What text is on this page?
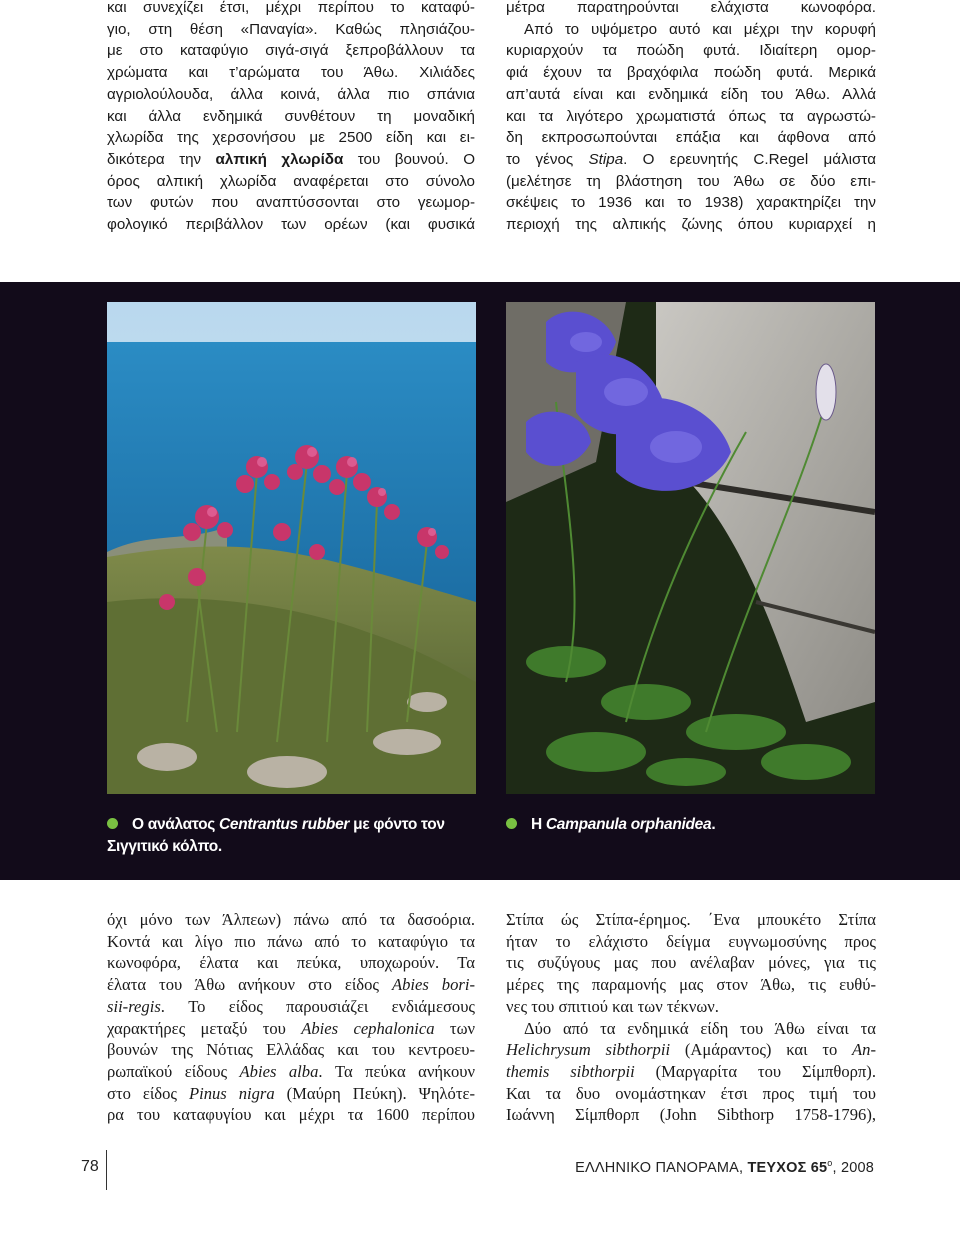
και συνεχίζει έτσι, μέχρι περίπου το καταφύ-
γιο, στη θέση «Παναγία». Καθώς πλησιάζου-
με στο καταφύγιο σιγά-σιγά ξεπροβάλλουν τα
χρώματα και τ’αρώματα του Άθω. Χιλιάδες
αγριολούλουδα, άλλα κοινά, άλλα πιο σπάνια
και άλλα ενδημικά συνθέτουν τη μοναδική
χλωρίδα της χερσονήσου με 2500 είδη και ει-
δικότερα την αλπική χλωρίδα του βουνού. Ο
όρος αλπική χλωρίδα αναφέρεται στο σύνολο
των φυτών που αναπτύσσονται στο γεωμορ-
φολογικό περιβάλλον των ορέων (και φυσικά
μέτρα παρατηρούνται ελάχιστα κωνοφόρα.
Από το υψόμετρο αυτό και μέχρι την κορυφή
κυριαρχούν τα ποώδη φυτά. Ιδιαίτερη ομορ-
φιά έχουν τα βραχόφιλα ποώδη φυτά. Μερικά
απ’αυτά είναι και ενδημικά είδη του Άθω. Αλλά
και τα λιγότερο χρωματιστά όπως τα αγρωστώ-
δη εκπροσωπούνται επάξια και άφθονα από
το γένος Stipa. Ο ερευνητής C.Regel μάλιστα
(μελέτησε τη βλάστηση του Άθω σε δύο επι-
σκέψεις το 1936 και το 1938) χαρακτηρίζει την
περιοχή της αλπικής ζώνης όπου κυριαρχεί η
Ο ανάλατος Centrantus rubber με φόντο τον
Σιγγιτικό κόλπο.
Η Campanula orphanidea.
όχι μόνο των Άλπεων) πάνω από τα δασοόρια.
Κοντά και λίγο πιο πάνω από το καταφύγιο τα
κωνοφόρα, έλατα και πεύκα, υποχωρούν. Τα
έλατα του Άθω ανήκουν στο είδος Abies bori-
sii-regis. Το είδος παρουσιάζει ενδιάμεσους
χαρακτήρες μεταξύ του Abies cephalonica των
βουνών της Νότιας Ελλάδας και του κεντροευ-
ρωπαϊκού είδους Abies alba. Τα πεύκα ανήκουν
στο είδος Pinus nigra (Μαύρη Πεύκη). Ψηλότε-
ρα του καταφυγίου και μέχρι τα 1600 περίπου
Στίπα ώς Στίπα-έρημος. ΄Ενα μπουκέτο Στίπα
ήταν το ελάχιστο δείγμα ευγνωμοσύνης προς
τις συζύγους μας που ανέλαβαν μόνες, για τις
μέρες της παραμονής μας στον Άθω, τις ευθύ-
νες του σπιτιού και των τέκνων.
Δύο από τα ενδημικά είδη του Άθω είναι τα
Helichrysum sibthorpii (Αμάραντος) και το An-
themis sibthorpii (Μαργαρίτα του Σίμπθορπ).
Και τα δυο ονομάστηκαν έτσι προς τιμή του
Ιωάννη Σίμπθορπ (John Sibthorp 1758-1796),
78	ΕΛΛΗΝΙΚΟ ΠΑΝΟΡΑΜΑ, ΤΕΥΧΟΣ $65^o$, 2008
